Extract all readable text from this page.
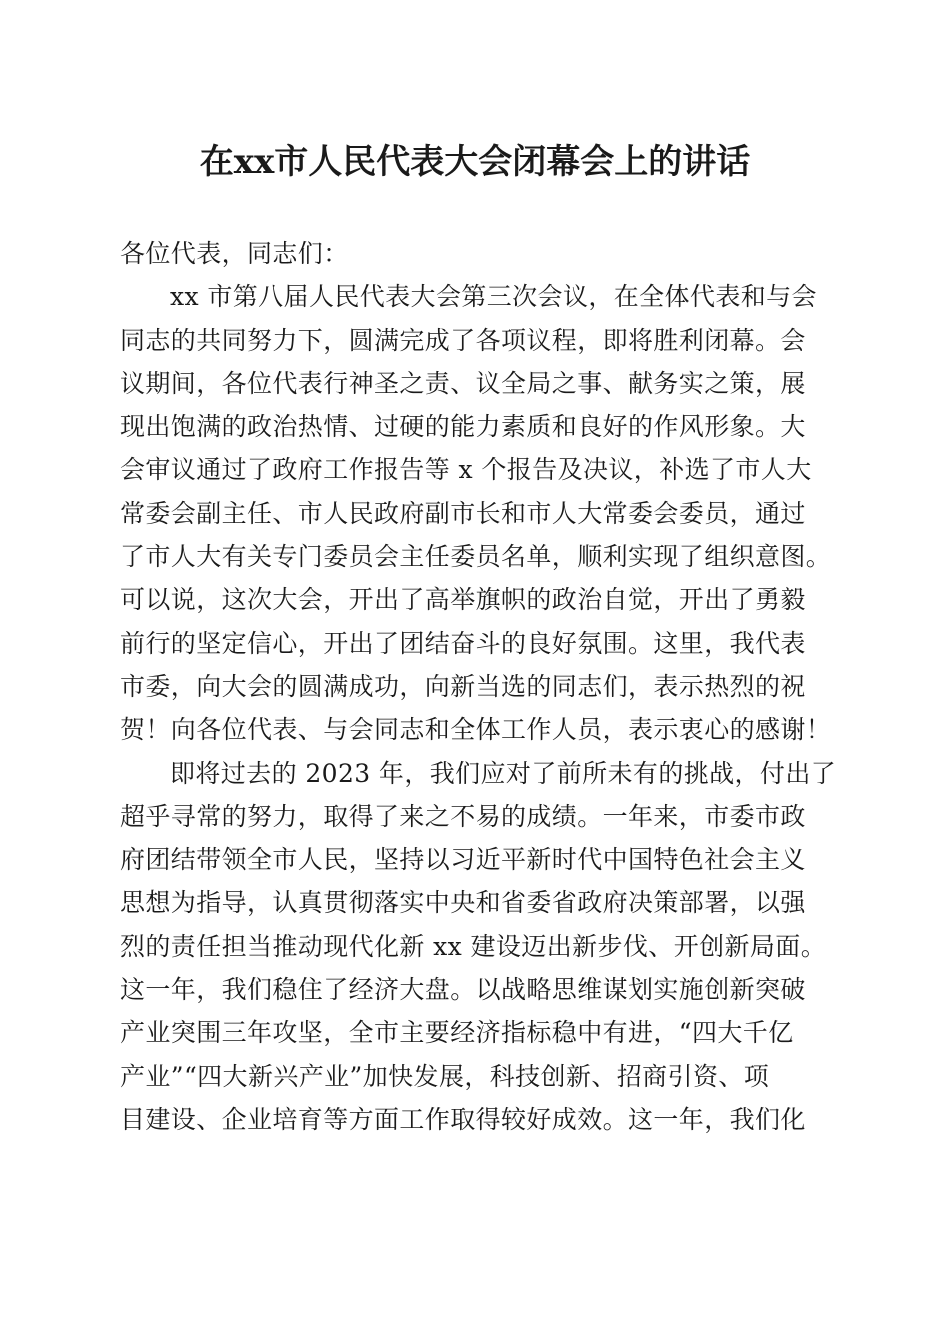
在xx市人民代表大会闭幕会上的讲话
各位代表，同志们：
xx 市第八届人民代表大会第三次会议，在全体代表和与会
同志的共同努力下，圆满完成了各项议程，即将胜利闭幕。会
议期间，各位代表行神圣之责、议全局之事、献务实之策，展
现出饱满的政治热情、过硬的能力素质和良好的作风形象。大
会审议通过了政府工作报告等 x 个报告及决议，补选了市人大
常委会副主任、市人民政府副市长和市人大常委会委员，通过
了市人大有关专门委员会主任委员名单，顺利实现了组织意图。
可以说，这次大会，开出了高举旗帜的政治自觉，开出了勇毅
前行的坚定信心，开出了团结奋斗的良好氛围。这里，我代表
市委，向大会的圆满成功，向新当选的同志们，表示热烈的祝
贺！向各位代表、与会同志和全体工作人员，表示衷心的感谢！
即将过去的 2023 年，我们应对了前所未有的挑战，付出了
超乎寻常的努力，取得了来之不易的成绩。一年来，市委市政
府团结带领全市人民，坚持以习近平新时代中国特色社会主义
思想为指导，认真贯彻落实中央和省委省政府决策部署，以强
烈的责任担当推动现代化新 xx 建设迈出新步伐、开创新局面。
这一年，我们稳住了经济大盘。以战略思维谋划实施创新突破
产业突围三年攻坚，全市主要经济指标稳中有进，“四大千亿
产业”“四大新兴产业”加快发展，科技创新、招商引资、项
目建设、企业培育等方面工作取得较好成效。这一年，我们化
